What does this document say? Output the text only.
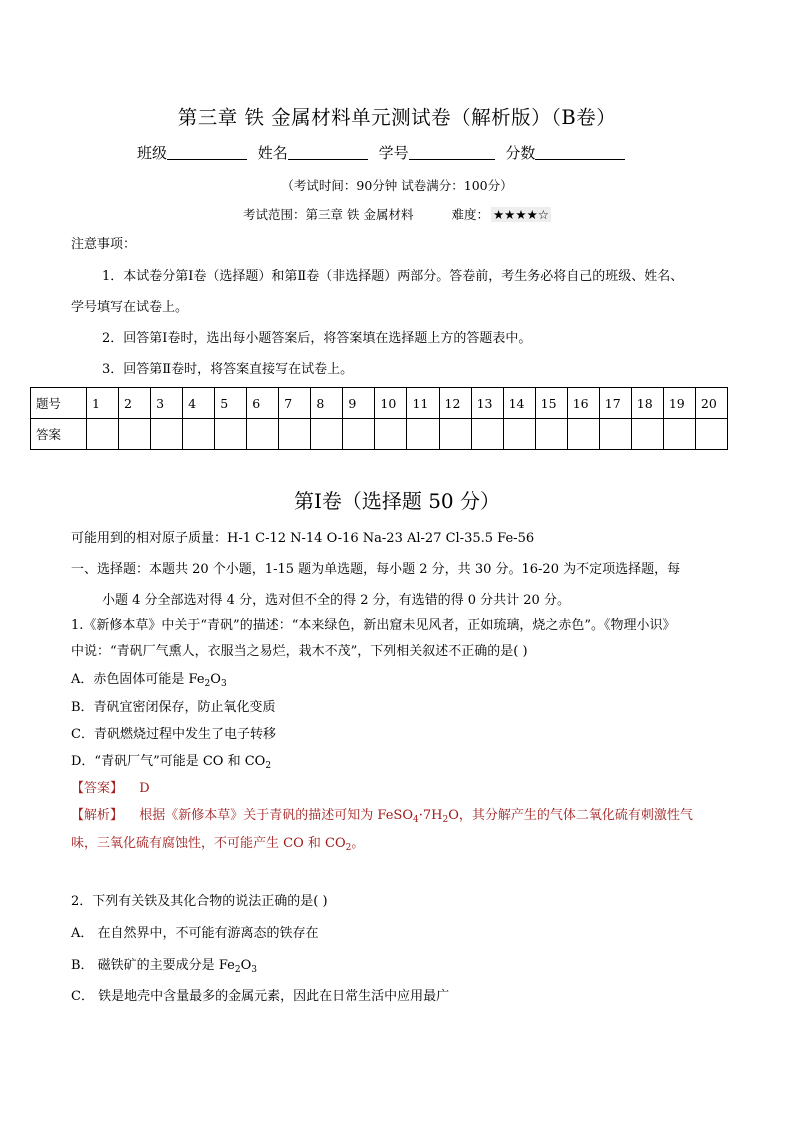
第三章 铁 金属材料单元测试卷（解析版）（B卷）
班级	姓名	学号	分数
（考试时间：90分钟 试卷满分：100分）
考试范围：第三章 铁 金属材料	难度： ★★★★☆
注意事项：
1．本试卷分第Ⅰ卷（选择题）和第Ⅱ卷（非选择题）两部分。答卷前，考生务必将自己的班级、姓名、
学号填写在试卷上。
2．回答第Ⅰ卷时，选出每小题答案后，将答案填在选择题上方的答题表中。
3．回答第Ⅱ卷时，将答案直接写在试卷上。
题号	1	2	3	4	5	6	7	8	9	10	11	12	13	14	15	16	17	18	19	20
答案																				
第Ⅰ卷（选择题 50 分）
可能用到的相对原子质量：H-1 C-12 N-14 O-16 Na-23 Al-27 Cl-35.5 Fe-56
一、选择题：本题共 20 个小题，1-15 题为单选题，每小题 2 分，共 30 分。16-20 为不定项选择题，每
小题 4 分全部选对得 4 分，选对但不全的得 2 分，有选错的得 0 分共计 20 分。
1.《新修本草》中关于“青矾”的描述：“本来绿色，新出窟未见风者，正如琉璃，烧之赤色”。《物理小识》
中说：“青矾厂气熏人，衣服当之易烂，栽木不茂”，下列相关叙述不正确的是( )
A．赤色固体可能是 $Fe_2O_3$
B．青矾宜密闭保存，防止氧化变质
C．青矾燃烧过程中发生了电子转移
D．“青矾厂气”可能是 CO 和 $CO_2$
【答案】 D
【解析】 根据《新修本草》关于青矾的描述可知为 $FeSO_4\cdot 7H_2O$，其分解产生的气体二氧化硫有刺激性气
味，三氧化硫有腐蚀性，不可能产生 CO 和 $CO_2$。
2．下列有关铁及其化合物的说法正确的是( )
A． 在自然界中，不可能有游离态的铁存在
B． 磁铁矿的主要成分是 $Fe_2O_3$
C． 铁是地壳中含量最多的金属元素，因此在日常生活中应用最广
